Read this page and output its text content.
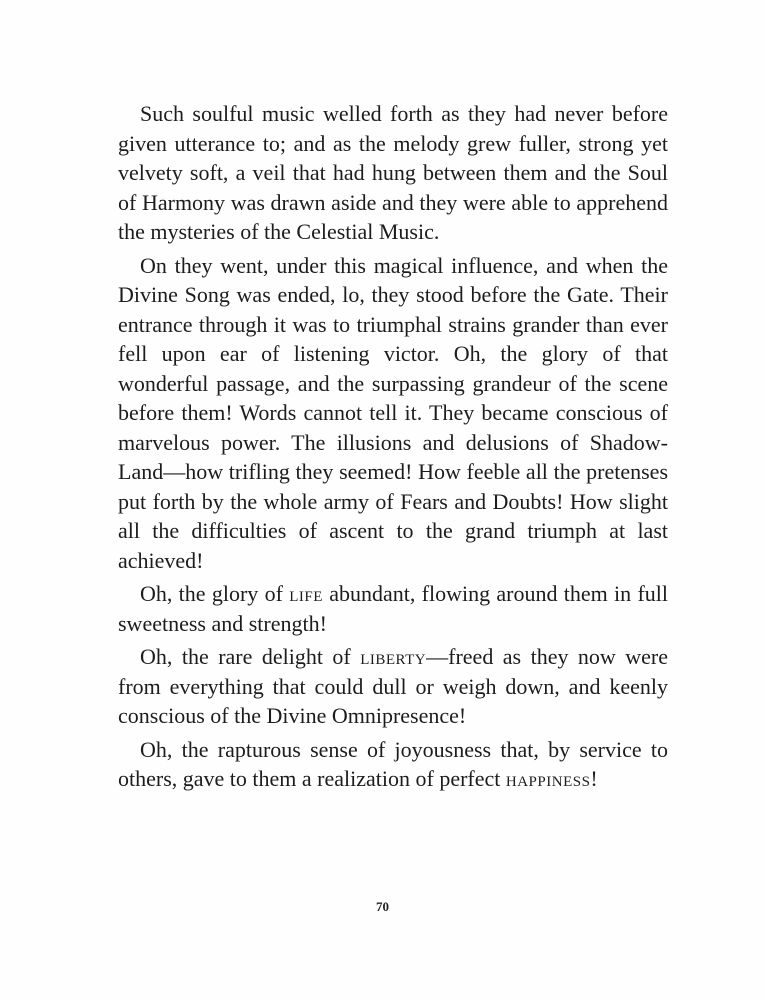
Such soulful music welled forth as they had never before given utterance to; and as the melody grew fuller, strong yet velvety soft, a veil that had hung between them and the Soul of Harmony was drawn aside and they were able to apprehend the mysteries of the Celestial Music.

On they went, under this magical influence, and when the Divine Song was ended, lo, they stood before the Gate. Their entrance through it was to triumphal strains grander than ever fell upon ear of listening victor. Oh, the glory of that wonderful passage, and the surpassing grandeur of the scene before them! Words cannot tell it. They became conscious of marvelous power. The illusions and delusions of Shadow-Land—how trifling they seemed! How feeble all the pretenses put forth by the whole army of Fears and Doubts! How slight all the difficulties of ascent to the grand triumph at last achieved!

Oh, the glory of life abundant, flowing around them in full sweetness and strength!

Oh, the rare delight of liberty—freed as they now were from everything that could dull or weigh down, and keenly conscious of the Divine Omnipresence!

Oh, the rapturous sense of joyousness that, by service to others, gave to them a realization of perfect happiness!

70
